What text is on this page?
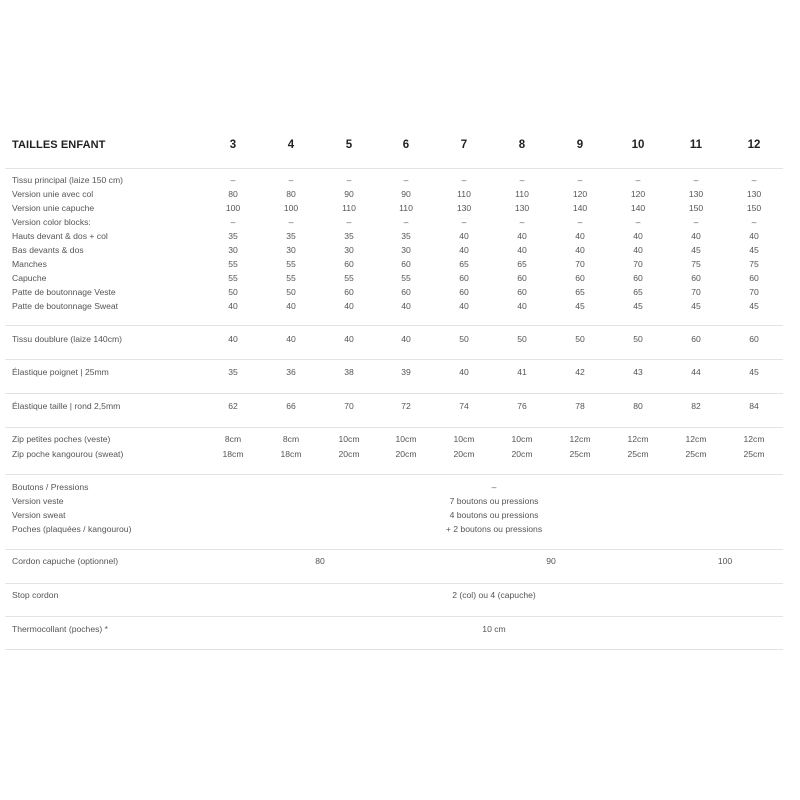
TAILLES ENFANT	3	4	5	6	7	8	9	10	11	12
Tissu principal (laize 150 cm)	–	–	–	–	–	–	–	–	–	–
Version unie avec col	80	80	90	90	110	110	120	120	130	130
Version unie capuche	100	100	110	110	130	130	140	140	150	150
Version color blocks:	–	–	–	–	–	–	–	–	–	–
Hauts devant & dos + col	35	35	35	35	40	40	40	40	40	40
Bas devants & dos	30	30	30	30	40	40	40	40	45	45
Manches	55	55	60	60	65	65	70	70	75	75
Capuche	55	55	55	55	60	60	60	60	60	60
Patte de boutonnage Veste	50	50	60	60	60	60	65	65	70	70
Patte de boutonnage Sweat	40	40	40	40	40	40	45	45	45	45
Tissu doublure (laize 140cm)	40	40	40	40	50	50	50	50	60	60
Élastique poignet | 25mm	35	36	38	39	40	41	42	43	44	45
Élastique taille | rond 2,5mm	62	66	70	72	74	76	78	80	82	84
Zip petites poches (veste)	8cm	8cm	10cm	10cm	10cm	10cm	12cm	12cm	12cm	12cm
Zip poche kangourou (sweat)	18cm	18cm	20cm	20cm	20cm	20cm	25cm	25cm	25cm	25cm
Boutons / Pressions	–
Version veste	7 boutons ou pressions
Version sweat	4 boutons ou pressions
Poches (plaquées / kangourou)	+ 2 boutons ou pressions
Cordon capuche (optionnel)	80	90	100
Stop cordon	2 (col) ou 4 (capuche)
Thermocollant (poches) *	10 cm
